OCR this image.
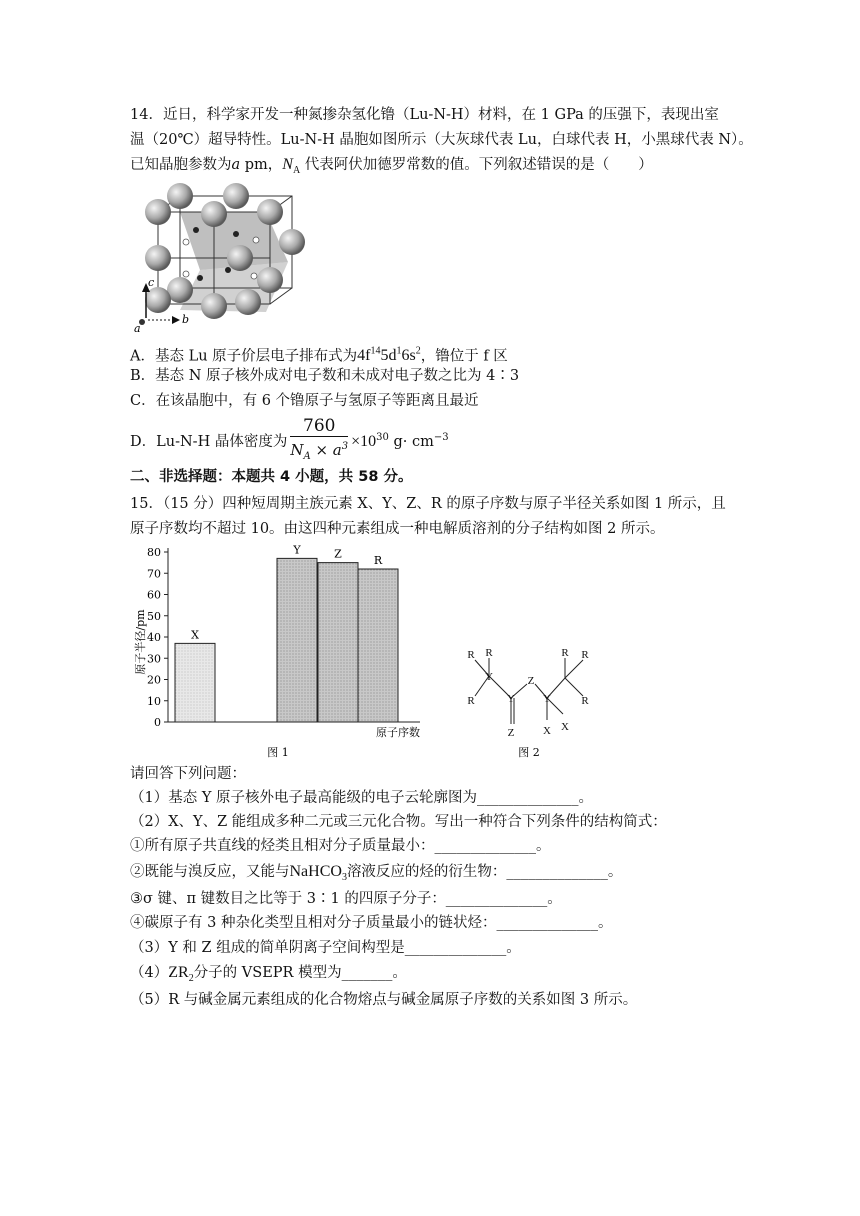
14．近日，科学家开发一种氮掺杂氢化镥（Lu-N-H）材料，在 1 GPa 的压强下，表现出室
温（20℃）超导特性。Lu-N-H 晶胞如图所示（大灰球代表 Lu，白球代表 H，小黑球代表 N）。
已知晶胞参数为a pm，$N_A$ 代表阿伏加德罗常数的值。下列叙述错误的是（　　）
c
a
b
A．基态 Lu 原子价层电子排布式为$4f^{14}5d^16s^2$，镥位于 f 区
B．基态 N 原子核外成对电子数和未成对电子数之比为 4∶3
C．在该晶胞中，有 6 个镥原子与氢原子等距离且最近
D．Lu-N-H 晶体密度为 $\frac{760}{N_A \times a^3} \times 10^{30}$ $g\cdot cm^{-3}$
二、非选择题：本题共 4 小题，共 58 分。
15．（15 分）四种短周期主族元素 X、Y、Z、R 的原子序数与原子半径关系如图 1 所示，且
原子序数均不超过 10。由这四种元素组成一种电解质溶剂的分子结构如图 2 所示。
0
10
20
30
40
50
60
70
80
X
Y	Z	R
原子半径/pm
原子序数
图 1
R R
Y
R	Y
Z
Y
R R
R
Z	X X
图 2
请回答下列问题：
（1）基态 Y 原子核外电子最高能级的电子云轮廓图为______________。
（2）X、Y、Z 能组成多种二元或三元化合物。写出一种符合下列条件的结构简式：
①所有原子共直线的烃类且相对分子质量最小：______________。
②既能与溴反应，又能与NaHCO$_3$溶液反应的烃的衍生物：______________。
③σ 键、π 键数目之比等于 3∶1 的四原子分子：______________。
④碳原子有 3 种杂化类型且相对分子质量最小的链状烃：______________。
（3）Y 和 Z 组成的简单阴离子空间构型是______________。
$(4)ZR_2$分子的 VSEPR 模型为_______。
（5）R 与碱金属元素组成的化合物熔点与碱金属原子序数的关系如图 3 所示。
